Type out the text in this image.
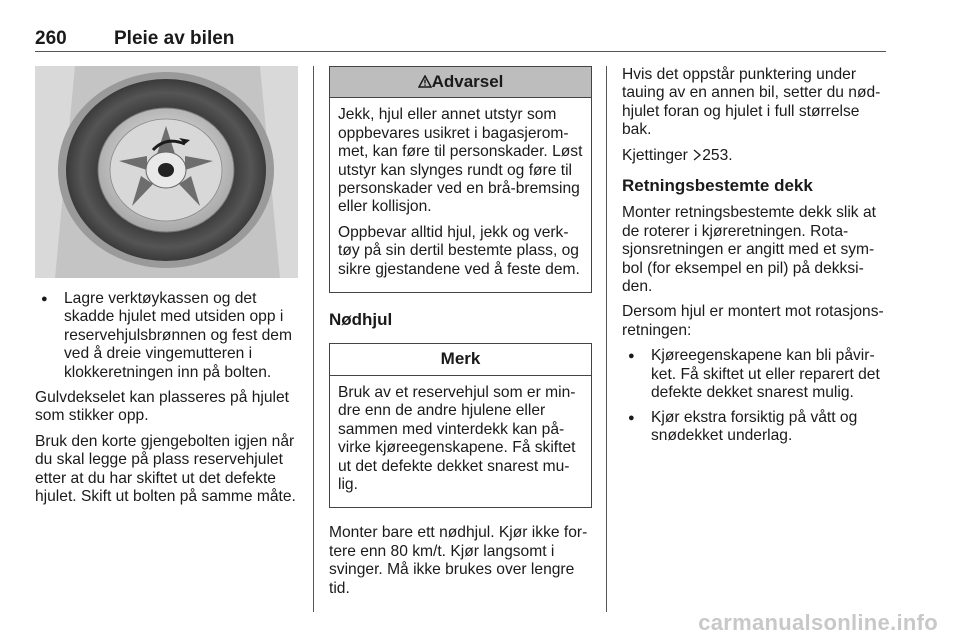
260 Pleie av bilen
● Lagre verktøykassen og det skadde hjulet med utsiden opp i reservehjulsbrønnen og fest dem ved å dreie vingemutteren i klokkeretningen inn på bolten.

Gulvdekselet kan plasseres på hjulet som stikker opp.

Bruk den korte gjengebolten igjen når du skal legge på plass reservehjulet etter at du har skiftet ut det defekte hjulet. Skift ut bolten på samme måte.

Advarsel

Jekk, hjul eller annet utstyr som oppbevares usikret i bagasjerom-met, kan føre til personskader. Løst utstyr kan slynges rundt og føre til personskader ved en brå-bremsing eller kollisjon.

Oppbevar alltid hjul, jekk og verk-tøy på sin dertil bestemte plass, og sikre gjestandene ved å feste dem.

Nødhjul
Merk

Bruk av et reservehjul som er min-dre enn de andre hjulene eller sammen med vinterdekk kan på-virke kjøreegenskapene. Få skiftet ut det defekte dekket snarest mu-lig.

Monter bare ett nødhjul. Kjør ikke for-tere enn 80 km/t. Kjør langsomt i svinger. Må ikke brukes over lengre tid.

Hvis det oppstår punktering under tauing av en annen bil, setter du nød-hjulet foran og hjulet i full størrelse bak.

Kjettinger 253.

Retningsbestemte dekk

Monter retningsbestemte dekk slik at de roterer i kjøreretningen. Rota-sjonsretningen er angitt med et sym-bol (for eksempel en pil) på dekksi-den.

Dersom hjul er montert mot rotasjons-retningen:

● Kjøreegenskapene kan bli påvir-ket. Få skiftet ut eller reparert det defekte dekket snarest mulig.
● Kjør ekstra forsiktig på vått og snødekket underlag.
carmanualsonline.info
